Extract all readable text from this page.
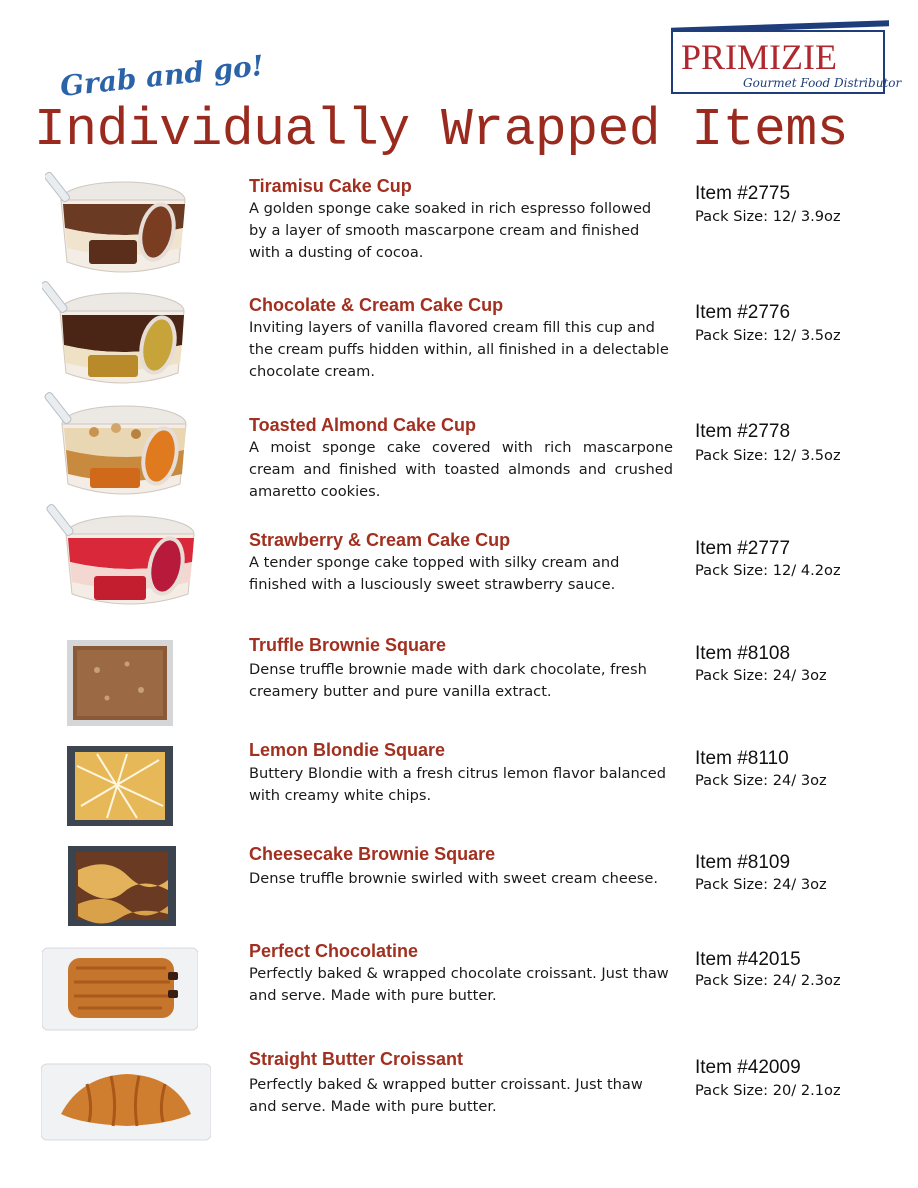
Grab and go!
Individually Wrapped Items
PRIMIZIE
Gourmet Food Distributor
Tiramisu Cake Cup
A golden sponge cake soaked in rich espresso followed by a layer of smooth mascarpone cream and finished with a dusting of cocoa.
Item #2775
Pack Size: 12/ 3.9oz
Chocolate & Cream Cake Cup
Inviting layers of vanilla flavored cream fill this cup and the cream puffs hidden within, all finished in a delectable chocolate cream.
Item #2776
Pack Size: 12/ 3.5oz
Toasted Almond Cake Cup
A moist sponge cake covered with rich mascarpone cream and finished with toasted almonds and crushed amaretto cookies.
Item #2778
Pack Size: 12/ 3.5oz
Strawberry & Cream Cake Cup
A tender sponge cake topped with silky cream and finished with a lusciously sweet strawberry sauce.
Item #2777
Pack Size: 12/ 4.2oz
Truffle Brownie Square
Dense truffle brownie made with dark chocolate, fresh creamery butter and pure vanilla extract.
Item #8108
Pack Size: 24/ 3oz
Lemon Blondie Square
Buttery Blondie with a fresh citrus lemon flavor balanced with creamy white chips.
Item #8110
Pack Size: 24/ 3oz
Cheesecake Brownie Square
Dense truffle brownie swirled with sweet cream cheese.
Item #8109
Pack Size: 24/ 3oz
Perfect Chocolatine
Perfectly baked & wrapped chocolate croissant. Just thaw and serve. Made with pure butter.
Item #42015
Pack Size: 24/ 2.3oz
Straight Butter Croissant
Perfectly baked & wrapped butter croissant. Just thaw and serve. Made with pure butter.
Item #42009
Pack Size: 20/ 2.1oz
